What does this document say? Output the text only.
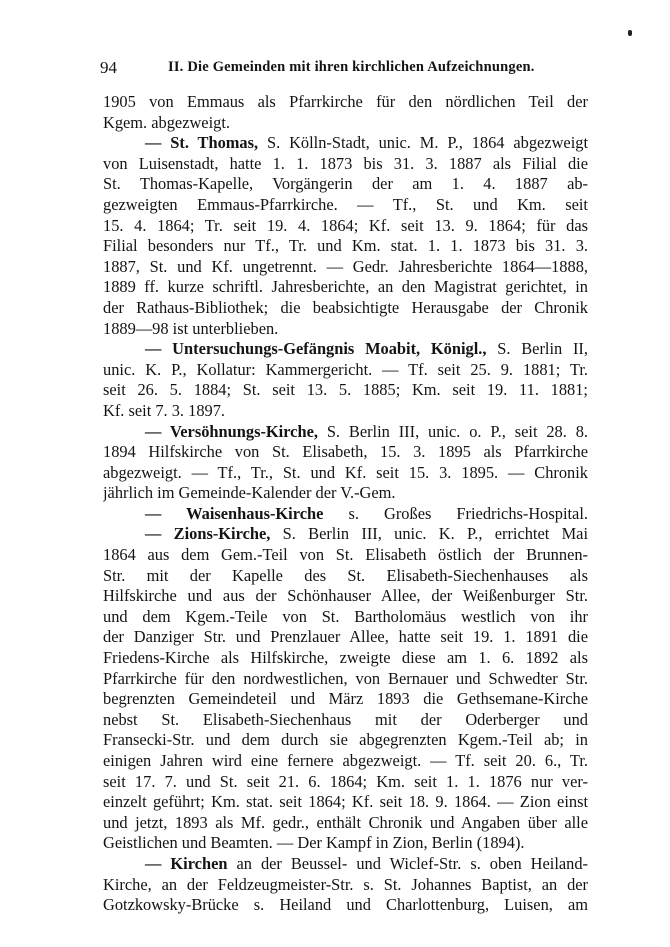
94	II. Die Gemeinden mit ihren kirchlichen Aufzeichnungen.
1905 von Emmaus als Pfarrkirche für den nördlichen Teil der
Kgem. abgezweigt.
— St. Thomas, S. Kölln-Stadt, unic. M. P., 1864 abgezweigt
von Luisenstadt, hatte 1. 1. 1873 bis 31. 3. 1887 als Filial die
St. Thomas-Kapelle, Vorgängerin der am 1. 4. 1887 ab-
gezweigten Emmaus-Pfarrkirche. — Tf., St. und Km. seit
15. 4. 1864; Tr. seit 19. 4. 1864; Kf. seit 13. 9. 1864; für das
Filial besonders nur Tf., Tr. und Km. stat. 1. 1. 1873 bis 31. 3.
1887, St. und Kf. ungetrennt. — Gedr. Jahresberichte 1864—1888,
1889 ff. kurze schriftl. Jahresberichte, an den Magistrat gerichtet, in
der Rathaus-Bibliothek; die beabsichtigte Herausgabe der Chronik
1889—98 ist unterblieben.
— Untersuchungs-Gefängnis Moabit, Königl., S. Berlin II,
unic. K. P., Kollatur: Kammergericht. — Tf. seit 25. 9. 1881; Tr.
seit 26. 5. 1884; St. seit 13. 5. 1885; Km. seit 19. 11. 1881;
Kf. seit 7. 3. 1897.
— Versöhnungs-Kirche, S. Berlin III, unic. o. P., seit 28. 8.
1894 Hilfskirche von St. Elisabeth, 15. 3. 1895 als Pfarrkirche
abgezweigt. — Tf., Tr., St. und Kf. seit 15. 3. 1895. — Chronik
jährlich im Gemeinde-Kalender der V.-Gem.
— Waisenhaus-Kirche s. Großes Friedrichs-Hospital.
— Zions-Kirche, S. Berlin III, unic. K. P., errichtet Mai
1864 aus dem Gem.-Teil von St. Elisabeth östlich der Brunnen-
Str. mit der Kapelle des St. Elisabeth-Siechenhauses als
Hilfskirche und aus der Schönhauser Allee, der Weißenburger Str.
und dem Kgem.-Teile von St. Bartholomäus westlich von ihr
der Danziger Str. und Prenzlauer Allee, hatte seit 19. 1. 1891 die
Friedens-Kirche als Hilfskirche, zweigte diese am 1. 6. 1892 als
Pfarrkirche für den nordwestlichen, von Bernauer und Schwedter Str.
begrenzten Gemeindeteil und März 1893 die Gethsemane-Kirche
nebst St. Elisabeth-Siechenhaus mit der Oderberger und
Fransecki-Str. und dem durch sie abgegrenzten Kgem.-Teil ab; in
einigen Jahren wird eine fernere abgezweigt. — Tf. seit 20. 6., Tr.
seit 17. 7. und St. seit 21. 6. 1864; Km. seit 1. 1. 1876 nur ver-
einzelt geführt; Km. stat. seit 1864; Kf. seit 18. 9. 1864. — Zion einst
und jetzt, 1893 als Mf. gedr., enthält Chronik und Angaben über alle
Geistlichen und Beamten. — Der Kampf in Zion, Berlin (1894).
— Kirchen an der Beussel- und Wiclef-Str. s. oben Heiland-
Kirche, an der Feldzeugmeister-Str. s. St. Johannes Baptist, an der
Gotzkowsky-Brücke s. Heiland und Charlottenburg, Luisen, am
